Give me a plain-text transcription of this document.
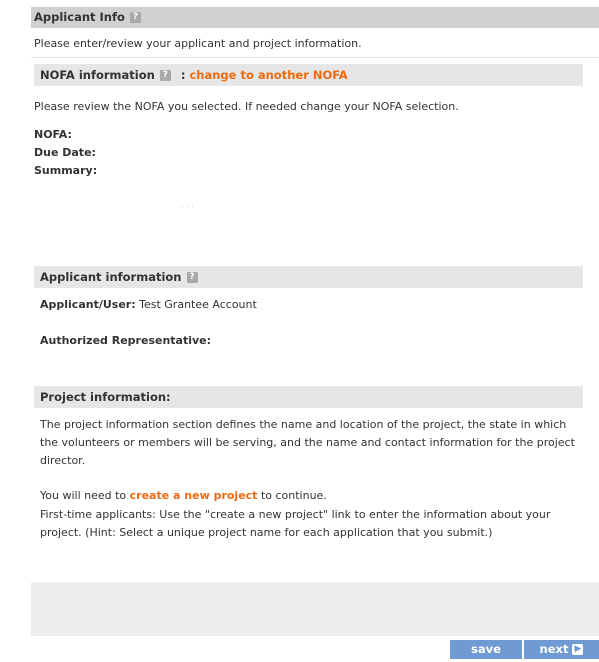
Applicant Info ?
Please enter/review your applicant and project information.
NOFA information ? : change to another NOFA
Please review the NOFA you selected. If needed change your NOFA selection.
NOFA:
Due Date:
Summary:
· · ·
Applicant information ?
Applicant/User: Test Grantee Account
Authorized Representative:
Project information:
The project information section defines the name and location of the project, the state in which the volunteers or members will be serving, and the name and contact information for the project director.
You will need to create a new project to continue.
First-time applicants: Use the "create a new project" link to enter the information about your project. (Hint: Select a unique project name for each application that you submit.)
save	next ▶
